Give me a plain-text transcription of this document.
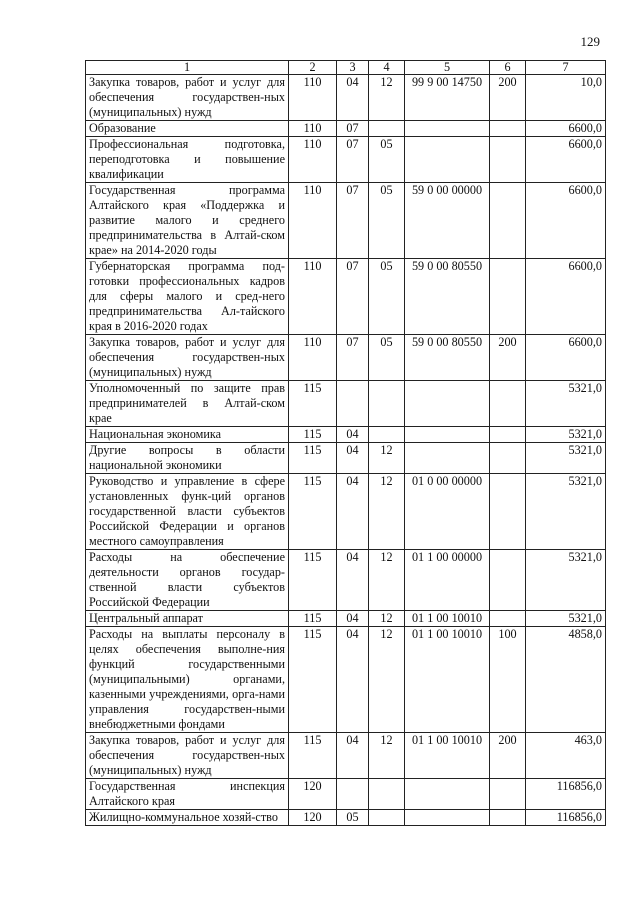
129
1	2	3	4	5	6	7
Закупка товаров, работ и услуг для обеспечения государствен-ных (муниципальных) нужд	110	04	12	99 9 00 14750	200	10,0
Образование	110	07				6600,0
Профессиональная подготовка, переподготовка и повышение квалификации	110	07	05			6600,0
Государственная программа Алтайского края «Поддержка и развитие малого и среднего предпринимательства в Алтай-ском крае» на 2014-2020 годы	110	07	05	59 0 00 00000		6600,0
Губернаторская программа под-готовки профессиональных кадров для сферы малого и сред-него предпринимательства Ал-тайского края в 2016-2020 годах	110	07	05	59 0 00 80550		6600,0
Закупка товаров, работ и услуг для обеспечения государствен-ных (муниципальных) нужд	110	07	05	59 0 00 80550	200	6600,0
Уполномоченный по защите прав предпринимателей в Алтай-ском крае	115					5321,0
Национальная экономика	115	04				5321,0
Другие вопросы в области национальной экономики	115	04	12			5321,0
Руководство и управление в сфере установленных функ-ций органов государственной власти субъектов Российской Федерации и органов местного самоуправления	115	04	12	01 0 00 00000		5321,0
Расходы на обеспечение деятельности органов государ-ственной власти субъектов Российской Федерации	115	04	12	01 1 00 00000		5321,0
Центральный аппарат	115	04	12	01 1 00 10010		5321,0
Расходы на выплаты персоналу в целях обеспечения выполне-ния функций государственными (муниципальными) органами, казенными учреждениями, орга-нами управления государствен-ными внебюджетными фондами	115	04	12	01 1 00 10010	100	4858,0
Закупка товаров, работ и услуг для обеспечения государствен-ных (муниципальных) нужд	115	04	12	01 1 00 10010	200	463,0
Государственная инспекция Алтайского края	120					116856,0
Жилищно-коммунальное хозяй-ство	120	05				116856,0
